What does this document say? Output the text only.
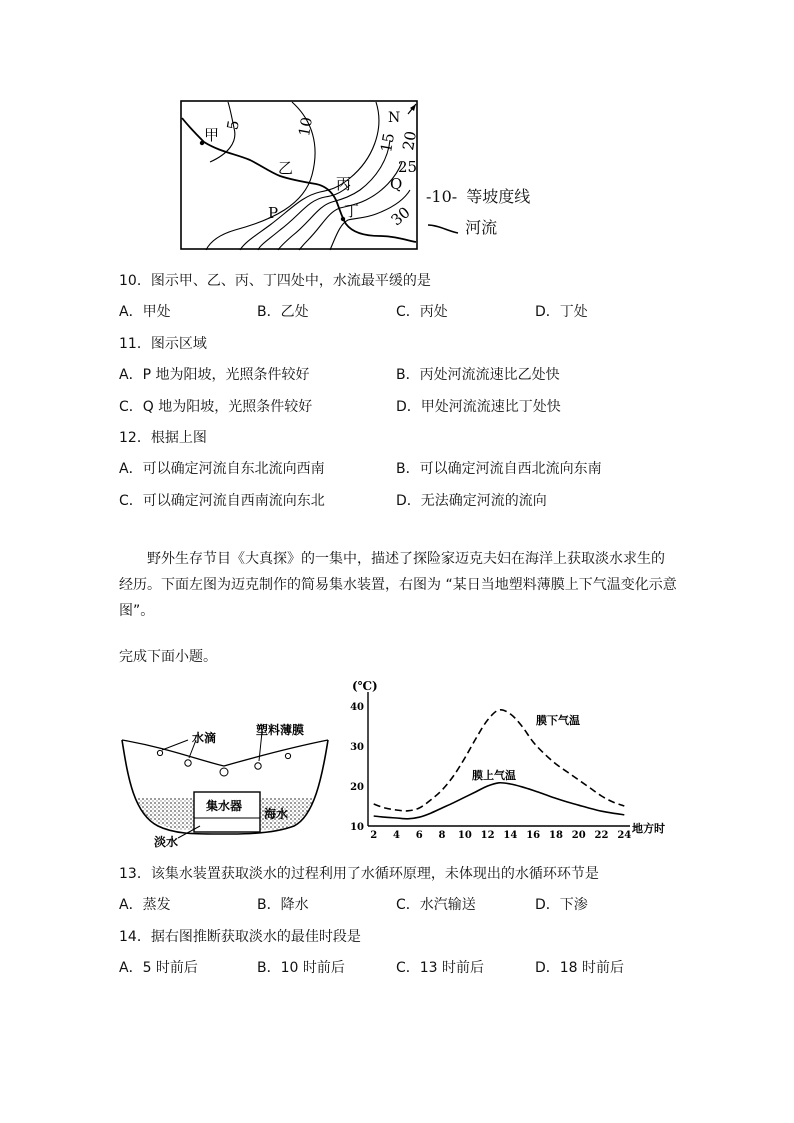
甲
乙
丙
丁
P
Q
N
5	10
15 20
25
30
-10- 等坡度线
河流
10．图示甲、乙、丙、丁四处中，水流最平缓的是
A．甲处	B．乙处	C．丙处	D．丁处
11．图示区域
A．P 地为阳坡，光照条件较好	B．丙处河流流速比乙处快
C．Q 地为阳坡，光照条件较好	D．甲处河流流速比丁处快
12．根据上图
A．可以确定河流自东北流向西南	B．可以确定河流自西北流向东南
C．可以确定河流自西南流向东北	D．无法确定河流的流向
野外生存节目《大真探》的一集中，描述了探险家迈克夫妇在海洋上获取淡水求生的经历。下面左图为迈克制作的简易集水装置，右图为 “某日当地塑料薄膜上下气温变化示意图”。
完成下面小题。
水滴
塑料薄膜
集水器
海水
淡水
(℃)
地方时
膜下气温
膜上气温
2 4 6 8 10 12 14 16 18 20 22 24
10
20
30
40
13．该集水装置获取淡水的过程利用了水循环原理，未体现出的水循环环节是
A．蒸发	B．降水	C．水汽输送	D．下渗
14．据右图推断获取淡水的最佳时段是
A．5 时前后	B．10 时前后	C．13 时前后	D．18 时前后
